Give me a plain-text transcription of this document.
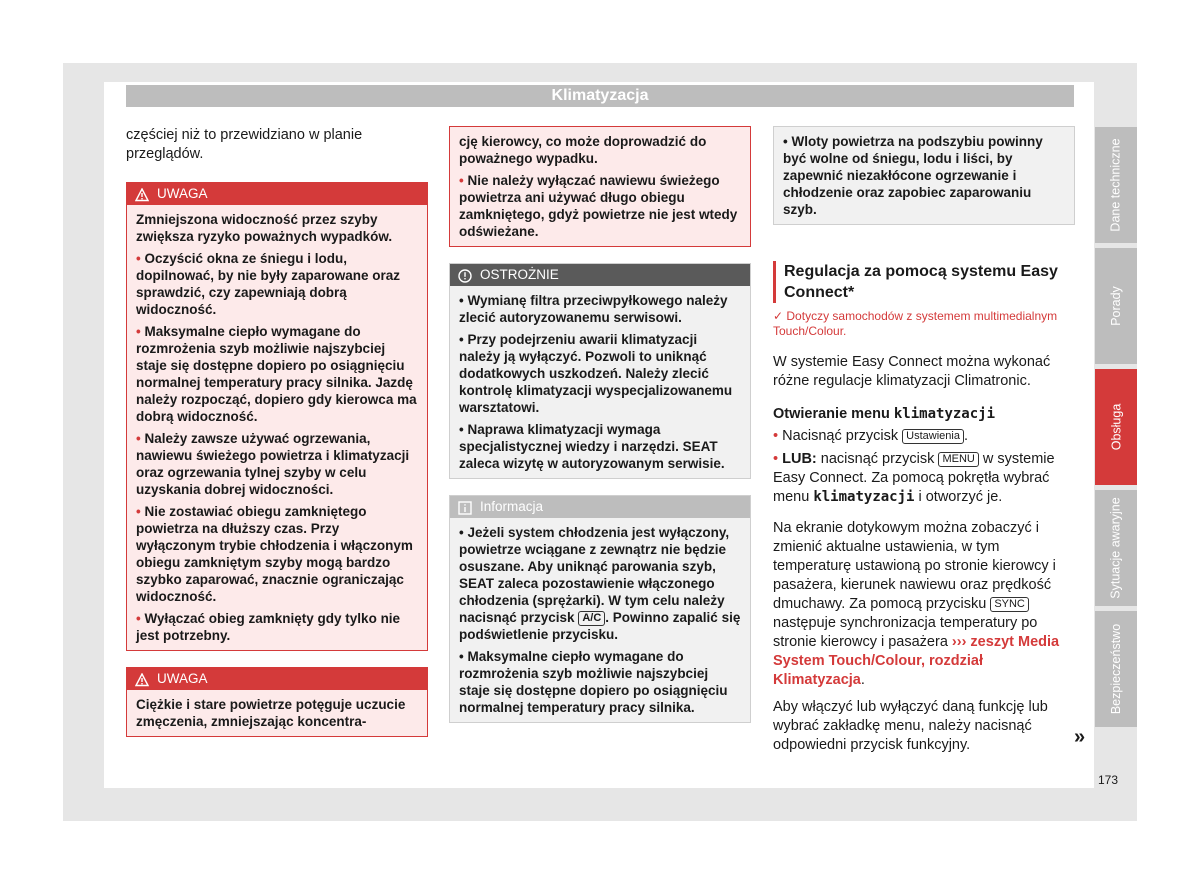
Klimatyzacja

częściej niż to przewidziano w planie przeglądów.

UWAGA

Zmniejszona widoczność przez szyby zwiększa ryzyko poważnych wypadków.

• Oczyścić okna ze śniegu i lodu, dopilnować, by nie były zaparowane oraz sprawdzić, czy zapewniają dobrą widoczność.

• Maksymalne ciepło wymagane do rozmrożenia szyb możliwie najszybciej staje się dostępne dopiero po osiągnięciu normalnej temperatury pracy silnika. Jazdę należy rozpocząć, dopiero gdy kierowca ma dobrą widoczność.

• Należy zawsze używać ogrzewania, nawiewu świeżego powietrza i klimatyzacji oraz ogrzewania tylnej szyby w celu uzyskania dobrej widoczności.

• Nie zostawiać obiegu zamkniętego powietrza na dłuższy czas. Przy wyłączonym trybie chłodzenia i włączonym obiegu zamkniętym szyby mogą bardzo szybko zaparować, znacznie ograniczając widoczność.

• Wyłączać obieg zamknięty gdy tylko nie jest potrzebny.

UWAGA

Ciężkie i stare powietrze potęguje uczucie zmęczenia, zmniejszając koncentra-

cję kierowcy, co może doprowadzić do poważnego wypadku.

• Nie należy wyłączać nawiewu świeżego powietrza ani używać długo obiegu zamkniętego, gdyż powietrze nie jest wtedy odświeżane.

OSTROŻNIE

• Wymianę filtra przeciwpyłkowego należy zlecić autoryzowanemu serwisowi.

• Przy podejrzeniu awarii klimatyzacji należy ją wyłączyć. Pozwoli to uniknąć dodatkowych uszkodzeń. Należy zlecić kontrolę klimatyzacji wyspecjalizowanemu warsztatowi.

• Naprawa klimatyzacji wymaga specjalistycznej wiedzy i narzędzi. SEAT zaleca wizytę w autoryzowanym serwisie.

Informacja

• Jeżeli system chłodzenia jest wyłączony, powietrze wciągane z zewnątrz nie będzie osuszane. Aby uniknąć parowania szyb, SEAT zaleca pozostawienie włączonego chłodzenia (sprężarki). W tym celu należy nacisnąć przycisk A/C . Powinno zapalić się podświetlenie przycisku.

• Maksymalne ciepło wymagane do rozmrożenia szyb możliwie najszybciej staje się dostępne dopiero po osiągnięciu normalnej temperatury pracy silnika.

• Wloty powietrza na podszybiu powinny być wolne od śniegu, lodu i liści, by zapewnić niezakłócone ogrzewanie i chłodzenie oraz zapobiec zaparowaniu szyb.

Regulacja za pomocą systemu Easy Connect*

✓ Dotyczy samochodów z systemem multimedialnym Touch/Colour.

W systemie Easy Connect można wykonać różne regulacje klimatyzacji Climatronic.

Otwieranie menu klimatyzacji

• Nacisnąć przycisk Ustawienia .

• LUB: nacisnąć przycisk MENU w systemie Easy Connect. Za pomocą pokrętła wybrać menu klimatyzacji i otworzyć je.

Na ekranie dotykowym można zobaczyć i zmienić aktualne ustawienia, w tym temperaturę ustawioną po stronie kierowcy i pasażera, kierunek nawiewu oraz prędkość dmuchawy. Za pomocą przycisku SYNC następuje synchronizacja temperatury po stronie kierowcy i pasażera ››› zeszyt Media System Touch/Colour, rozdział Klimatyzacja.

Aby włączyć lub wyłączyć daną funkcję lub wybrać zakładkę menu, należy nacisnąć odpowiedni przycisk funkcyjny.	»
Dane techniczne
Porady
Obsługa
Sytuacje awaryjne
Bezpieczeństwo
173
